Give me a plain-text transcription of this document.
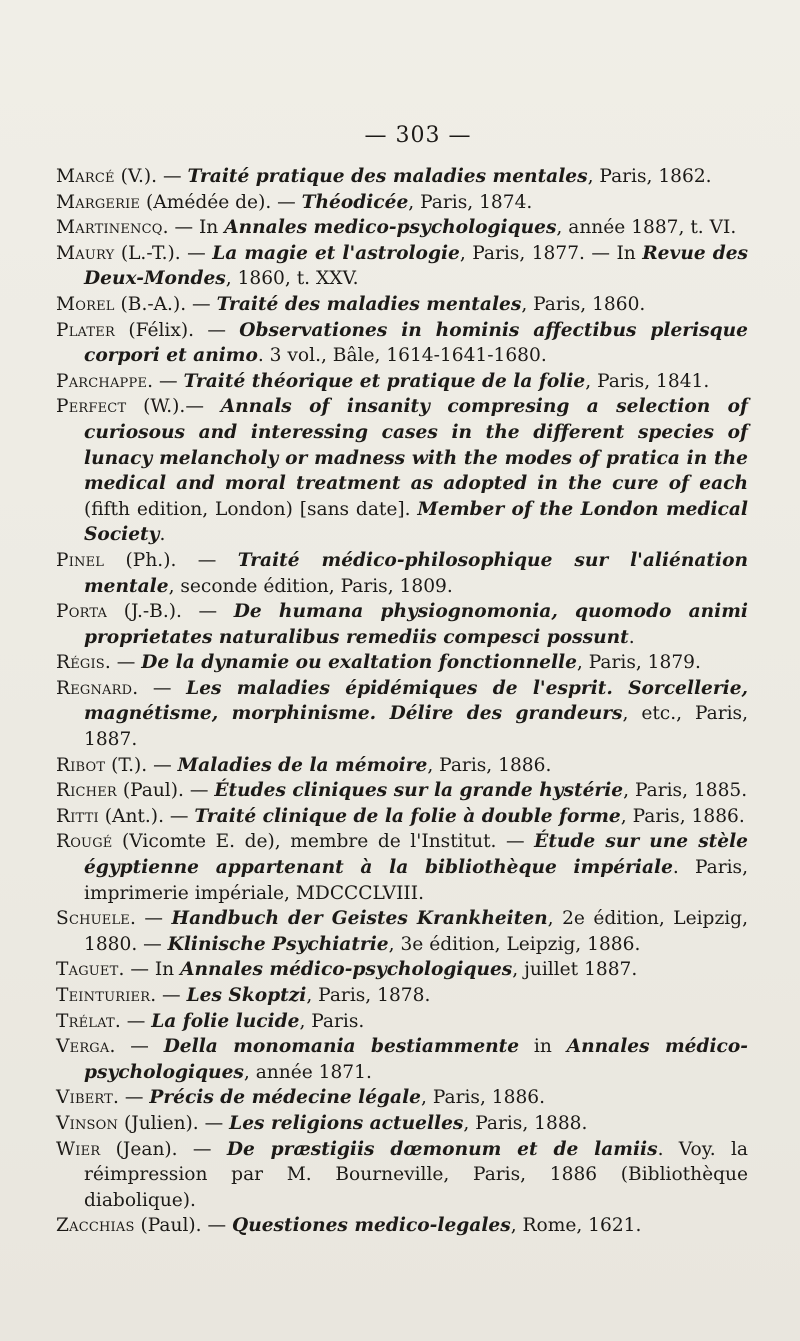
— 303 —

Marcé (V.). — Traité pratique des maladies mentales, Paris, 1862.

Margerie (Amédée de). — Théodicée, Paris, 1874.

Martinencq. — In Annales medico-psychologiques, année 1887, t. VI.

Maury (L.-T.). — La magie et l'astrologie, Paris, 1877. — In Revue des Deux-Mondes, 1860, t. XXV.

Morel (B.-A.). — Traité des maladies mentales, Paris, 1860.

Plater (Félix). — Observationes in hominis affectibus plerisque corpori et animo. 3 vol., Bâle, 1614-1641-1680.

Parchappe. — Traité théorique et pratique de la folie, Paris, 1841.

Perfect (W.).— Annals of insanity compresing a selection of curiosous and interessing cases in the different species of lunacy melancholy or madness with the modes of pratica in the medical and moral treatment as adopted in the cure of each (fifth edition, London) [sans date]. Member of the London medical Society.

Pinel (Ph.). — Traité médico-philosophique sur l'aliénation mentale, seconde édition, Paris, 1809.

Porta (J.-B.). — De humana physiognomonia, quomodo animi proprietates naturalibus remediis compesci possunt.

Régis. — De la dynamie ou exaltation fonctionnelle, Paris, 1879.

Regnard. — Les maladies épidémiques de l'esprit. Sorcellerie, magnétisme, morphinisme. Délire des grandeurs, etc., Paris, 1887.

Ribot (T.). — Maladies de la mémoire, Paris, 1886.

Richer (Paul). — Études cliniques sur la grande hystérie, Paris, 1885.

Ritti (Ant.). — Traité clinique de la folie à double forme, Paris, 1886.

Rougé (Vicomte E. de), membre de l'Institut. — Étude sur une stèle égyptienne appartenant à la bibliothèque impériale. Paris, imprimerie impériale, MDCCCLVIII.

Schuele. — Handbuch der Geistes Krankheiten, 2e édition, Leipzig, 1880. — Klinische Psychiatrie, 3e édition, Leipzig, 1886.

Taguet. — In Annales médico-psychologiques, juillet 1887.

Teinturier. — Les Skoptzi, Paris, 1878.

Trélat. — La folie lucide, Paris.

Verga. — Della monomania bestiammente in Annales médico-psychologiques, année 1871.

Vibert. — Précis de médecine légale, Paris, 1886.

Vinson (Julien). — Les religions actuelles, Paris, 1888.

Wier (Jean). — De præstigiis dœmonum et de lamiis. Voy. la réimpression par M. Bourneville, Paris, 1886 (Bibliothèque diabolique).

Zacchias (Paul). — Questiones medico-legales, Rome, 1621.
